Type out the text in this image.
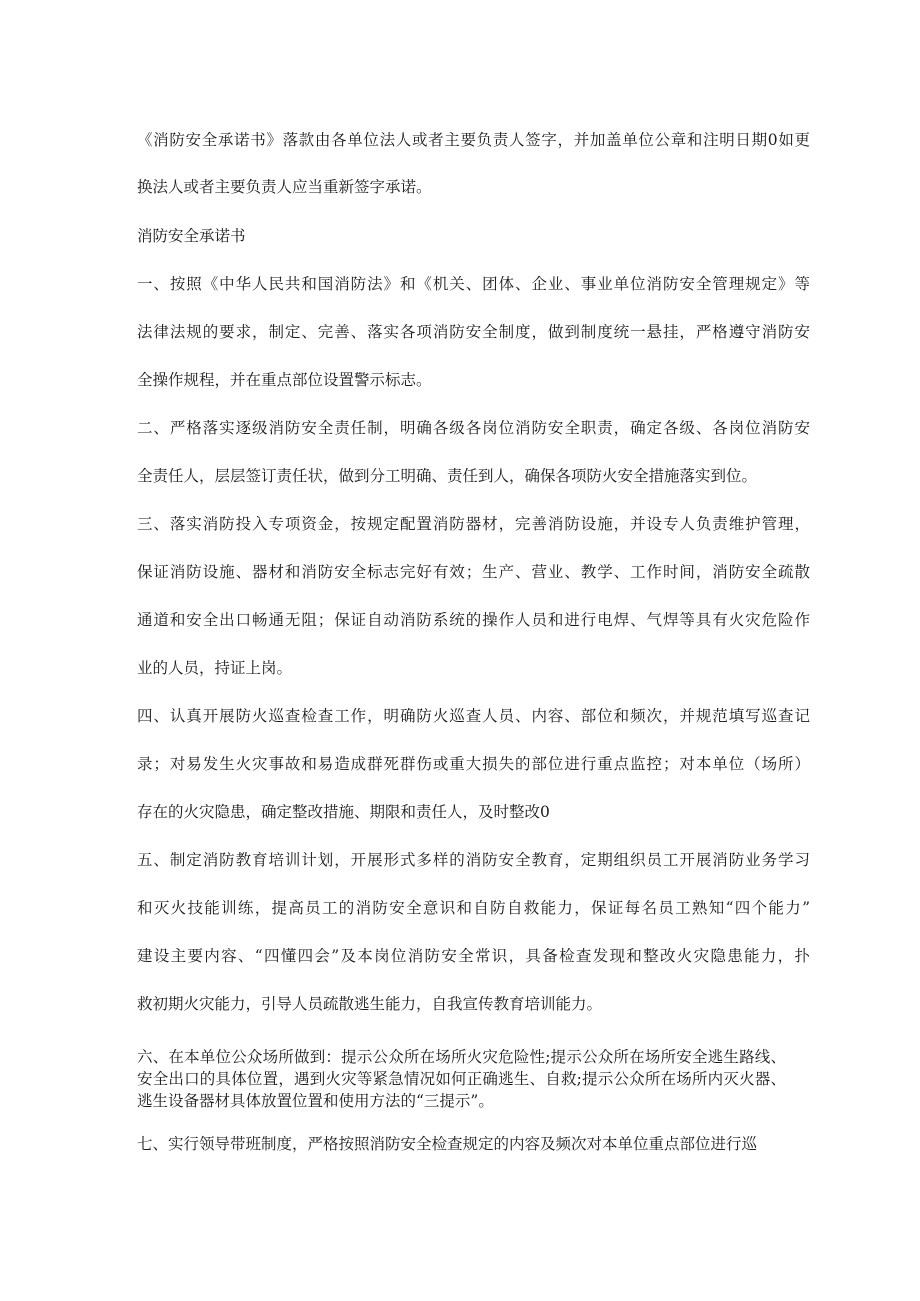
《消防安全承诺书》落款由各单位法人或者主要负责人签字，并加盖单位公章和注明日期0如更

换法人或者主要负责人应当重新签字承诺。

消防安全承诺书

一、按照《中华人民共和国消防法》和《机关、团体、企业、事业单位消防安全管理规定》等

法律法规的要求，制定、完善、落实各项消防安全制度，做到制度统一悬挂，严格遵守消防安

全操作规程，并在重点部位设置警示标志。

二、严格落实逐级消防安全责任制，明确各级各岗位消防安全职责，确定各级、各岗位消防安

全责任人，层层签订责任状，做到分工明确、责任到人，确保各项防火安全措施落实到位。

三、落实消防投入专项资金，按规定配置消防器材，完善消防设施，并设专人负责维护管理，

保证消防设施、器材和消防安全标志完好有效；生产、营业、教学、工作时间，消防安全疏散

通道和安全出口畅通无阻；保证自动消防系统的操作人员和进行电焊、气焊等具有火灾危险作

业的人员，持证上岗。

四、认真开展防火巡查检查工作，明确防火巡查人员、内容、部位和频次，并规范填写巡查记

录；对易发生火灾事故和易造成群死群伤或重大损失的部位进行重点监控；对本单位（场所）

存在的火灾隐患，确定整改措施、期限和责任人，及时整改0

五、制定消防教育培训计划，开展形式多样的消防安全教育，定期组织员工开展消防业务学习

和灭火技能训练，提高员工的消防安全意识和自防自救能力，保证每名员工熟知“四个能力”

建设主要内容、“四懂四会”及本岗位消防安全常识，具备检查发现和整改火灾隐患能力，扑

救初期火灾能力，引导人员疏散逃生能力，自我宣传教育培训能力。

六、在本单位公众场所做到：提示公众所在场所火灾危险性;提示公众所在场所安全逃生路线、安全出口的具体位置，遇到火灾等紧急情况如何正确逃生、自救;提示公众所在场所内灭火器、逃生设备器材具体放置位置和使用方法的“三提示”。

七、实行领导带班制度，严格按照消防安全检查规定的内容及频次对本单位重点部位进行巡
